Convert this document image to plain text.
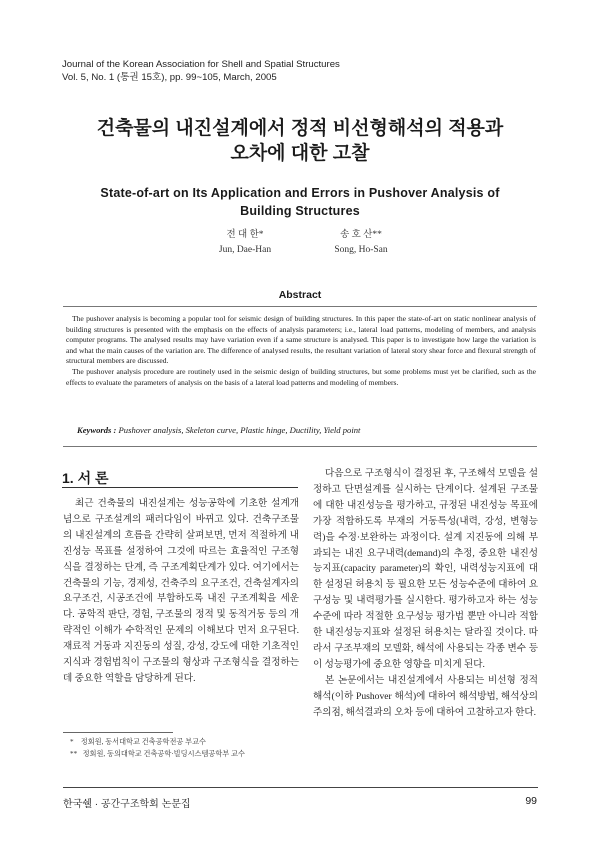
Journal of the Korean Association for Shell and Spatial Structures
Vol. 5, No. 1 (통권 15호), pp. 99~105, March, 2005
건축물의 내진설계에서 정적 비선형해석의 적용과
오차에 대한 고찰
State-of-art on Its Application and Errors in Pushover Analysis of
Building Structures
전 대 한*
Jun, Dae-Han
송 호 산**
Song, Ho-San
Abstract

The pushover analysis is becoming a popular tool for seismic design of building structures. In this paper the state-of-art on static nonlinear analysis of building structures is presented with the emphasis on the effects of analysis parameters; i.e., lateral load patterns, modeling of members, and analysis computer programs. The analysed results may have variation even if a same structure is analysed. This paper is to investigate how large the variation is and what the main causes of the variation are. The difference of analysed results, the resultant variation of lateral story shear force and flexural strength of structural members are discussed.

The pushover analysis procedure are routinely used in the seismic design of building structures, but some problems must yet be clarified, such as the effects to evaluate the parameters of analysis on the basis of a lateral load patterns and modeling of members.

Keywords : Pushover analysis, Skeleton curve, Plastic hinge, Ductility, Yield point
1. 서 론

최근 건축물의 내진설계는 성능공학에 기초한 설계개념으로 구조설계의 패러다임이 바뀌고 있다. 건축구조물의 내진설계의 흐름을 간략히 살펴보면, 먼저 적절하게 내진성능 목표를 설정하여 그것에 따르는 효율적인 구조형식을 결정하는 단계, 즉 구조계획단계가 있다. 여기에서는 건축물의 기능, 경제성, 건축주의 요구조건, 건축설계자의 요구조건, 시공조건에 부합하도록 내진 구조계획을 세운다. 공학적 판단, 경험, 구조물의 정적 및 동적거동 등의 개략적인 이해가 수학적인 문제의 이해보다 먼저 요구된다. 재료적 거동과 지진동의 성질, 강성, 강도에 대한 기초적인 지식과 경험법칙이 구조물의 형상과 구조형식을 결정하는데 중요한 역할을 담당하게 된다.

다음으로 구조형식이 결정된 후, 구조해석 모델을 설정하고 단면설계를 실시하는 단계이다. 설계된 구조물에 대한 내진성능을 평가하고, 규정된 내진성능 목표에 가장 적합하도록 부재의 거동특성(내력, 강성, 변형능력)을 수정·보완하는 과정이다. 설계 지진동에 의해 부과되는 내진 요구내력(demand)의 추정, 중요한 내진성능지표(capacity parameter)의 확인, 내력성능지표에 대한 설정된 허용치 등 필요한 모든 성능수준에 대하여 요구성능 및 내력평가를 실시한다. 평가하고자 하는 성능수준에 따라 적절한 요구성능 평가법 뿐만 아니라 적합한 내진성능지표와 설정된 허용치는 달라질 것이다. 따라서 구조부재의 모델화, 해석에 사용되는 각종 변수 등이 성능평가에 중요한 영향을 미치게 된다.

본 논문에서는 내진설계에서 사용되는 비선형 정적해석(이하 Pushover 해석)에 대하여 해석방법, 해석상의 주의점, 해석결과의 오차 등에 대하여 고찰하고자 한다.

* 정회원, 동서대학교 건축공학전공 부교수
** 정회원, 동의대학교 건축공학·빌딩시스템공학부 교수
한국쉘 · 공간구조학회 논문집	99
